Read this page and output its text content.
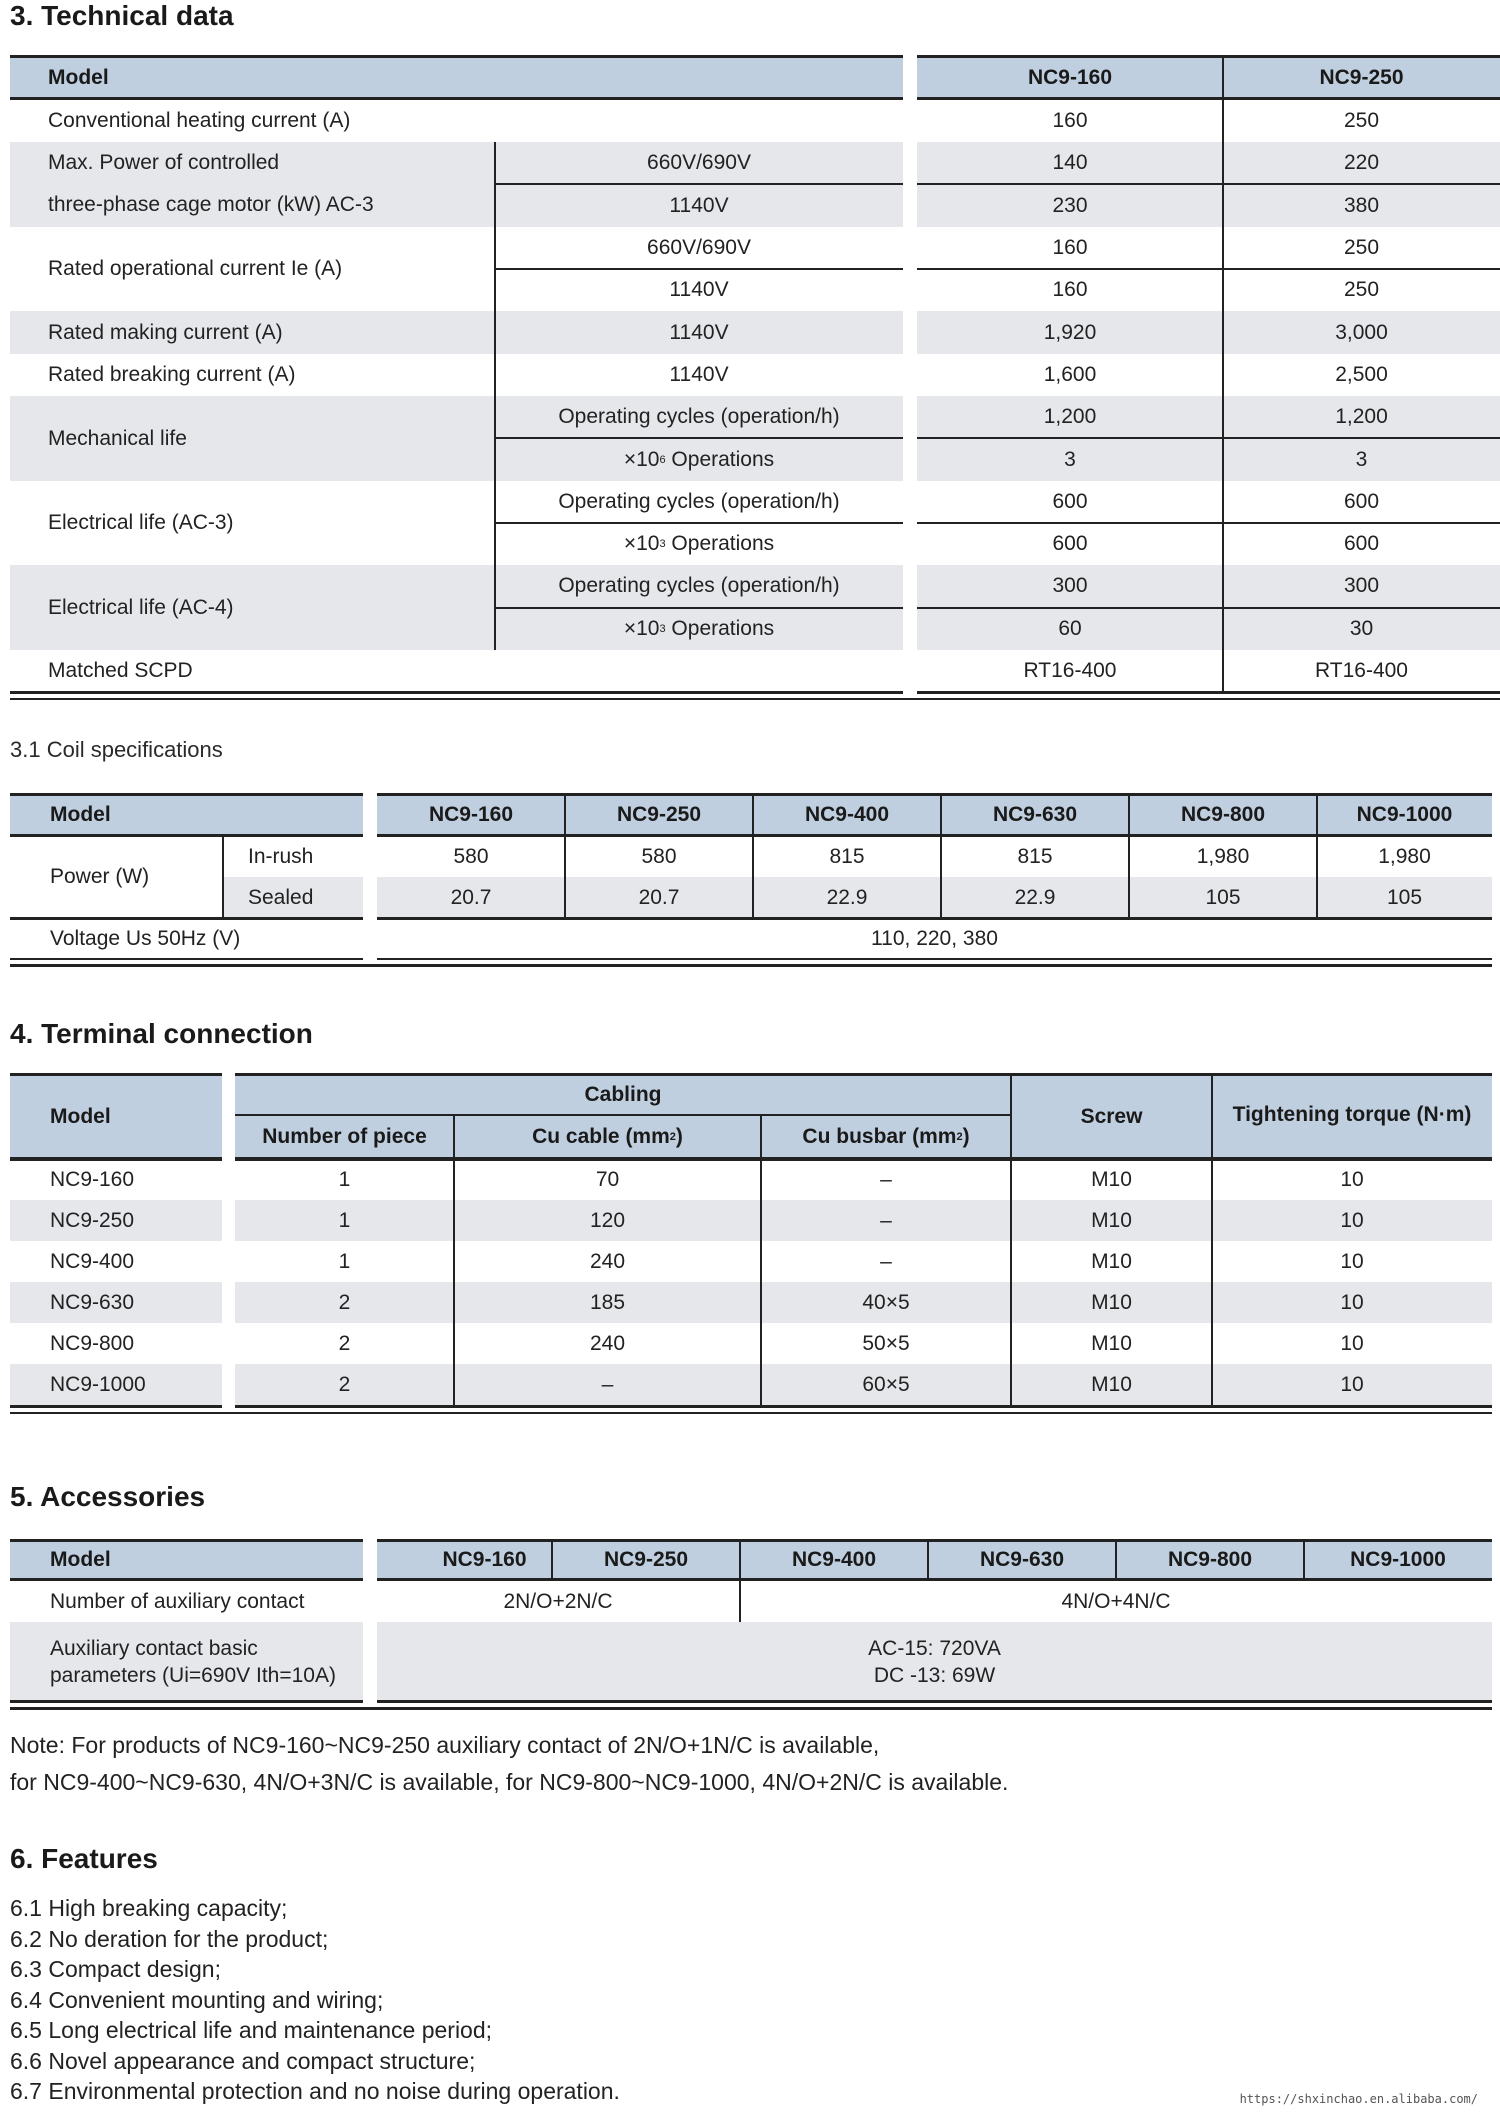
3. Technical data
Model	NC9-160	NC9-250
Conventional heating current (A)	160	250
Max. Power of controlled
three-phase cage motor (kW) AC-3
660V/690V	140	220
1140V	230	380
Rated operational current Ie (A)
660V/690V	160	250
1140V	160	250
Rated making current (A)	1140V	1,920	3,000
Rated breaking current (A)	1140V	1,600	2,500
Mechanical life
Operating cycles (operation/h)	1,200	1,200
×10 6 Operations	3	3
Electrical life (AC-3)
Operating cycles (operation/h)	600	600
×10 3 Operations	600	600
Electrical life (AC-4)
Operating cycles (operation/h)	300	300
×10 3 Operations	60	30
Matched SCPD	RT16-400	RT16-400
3.1 Coil specifications
Model	NC9-160	NC9-250	NC9-400	NC9-630	NC9-800	NC9-1000
Power (W)
In-rush
Sealed
580	580	815	815	1,980	1,980
20.7	20.7	22.9	22.9	105	105
Voltage Us 50Hz (V)	110, 220, 380
4. Terminal connection
Model
Cabling
Number of piece	Cu cable (mm 2 )	Cu busbar (mm 2 )
Screw	Tightening torque (N·m)
NC9-160	1	70	–	M10	10
NC9-250	1	120	–	M10	10
NC9-400	1	240	–	M10	10
NC9-630	2	185	40×5	M10	10
NC9-800	2	240	50×5	M10	10
NC9-1000	2	–	60×5	M10	10
5. Accessories
Model	NC9-160	NC9-250	NC9-400	NC9-630	NC9-800	NC9-1000
Number of auxiliary contact	2N/O+2N/C	4N/O+4N/C
Auxiliary contact basic
parameters (Ui=690V Ith=10A)
AC-15: 720VA
DC -13: 69W
Note: For products of NC9-160~NC9-250 auxiliary contact of 2N/O+1N/C is available,
for NC9-400~NC9-630, 4N/O+3N/C is available, for NC9-800~NC9-1000, 4N/O+2N/C is available.
6. Features
6.1 High breaking capacity;
6.2 No deration for the product;
6.3 Compact design;
6.4 Convenient mounting and wiring;
6.5 Long electrical life and maintenance period;
6.6 Novel appearance and compact structure;
6.7 Environmental protection and no noise during operation.	https://shxinchao.en.alibaba.com/
